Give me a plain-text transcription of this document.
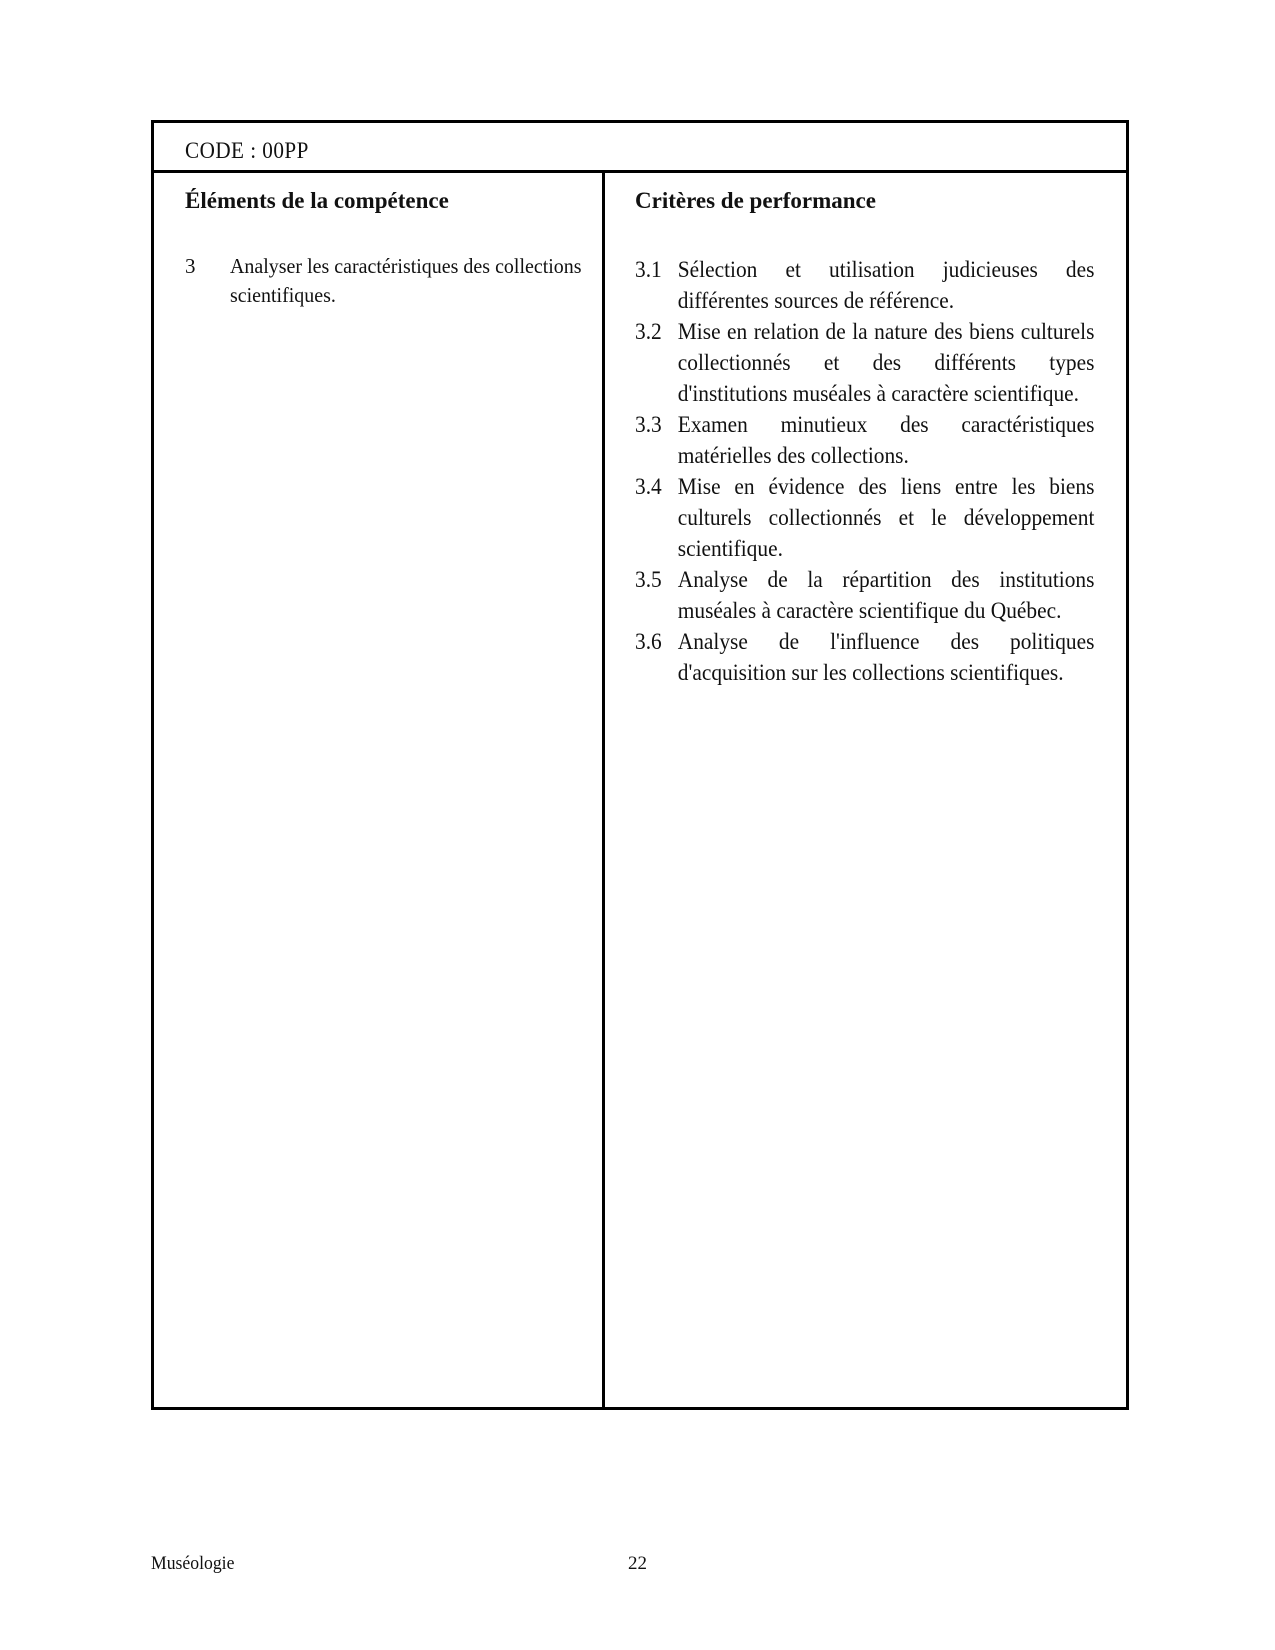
CODE : 00PP
Éléments de la compétence	Critères de performance
3 Analyser les caractéristiques des collections scientifiques.
3.1 Sélection et utilisation judicieuses des différentes sources de référence.
3.2 Mise en relation de la nature des biens culturels collectionnés et des différents types d'institutions muséales à caractère scientifique.
3.3 Examen minutieux des caractéristiques matérielles des collections.
3.4 Mise en évidence des liens entre les biens culturels collectionnés et le développement scientifique.
3.5 Analyse de la répartition des institutions muséales à caractère scientifique du Québec.
3.6 Analyse de l'influence des politiques d'acquisition sur les collections scientifiques.
Muséologie	22
